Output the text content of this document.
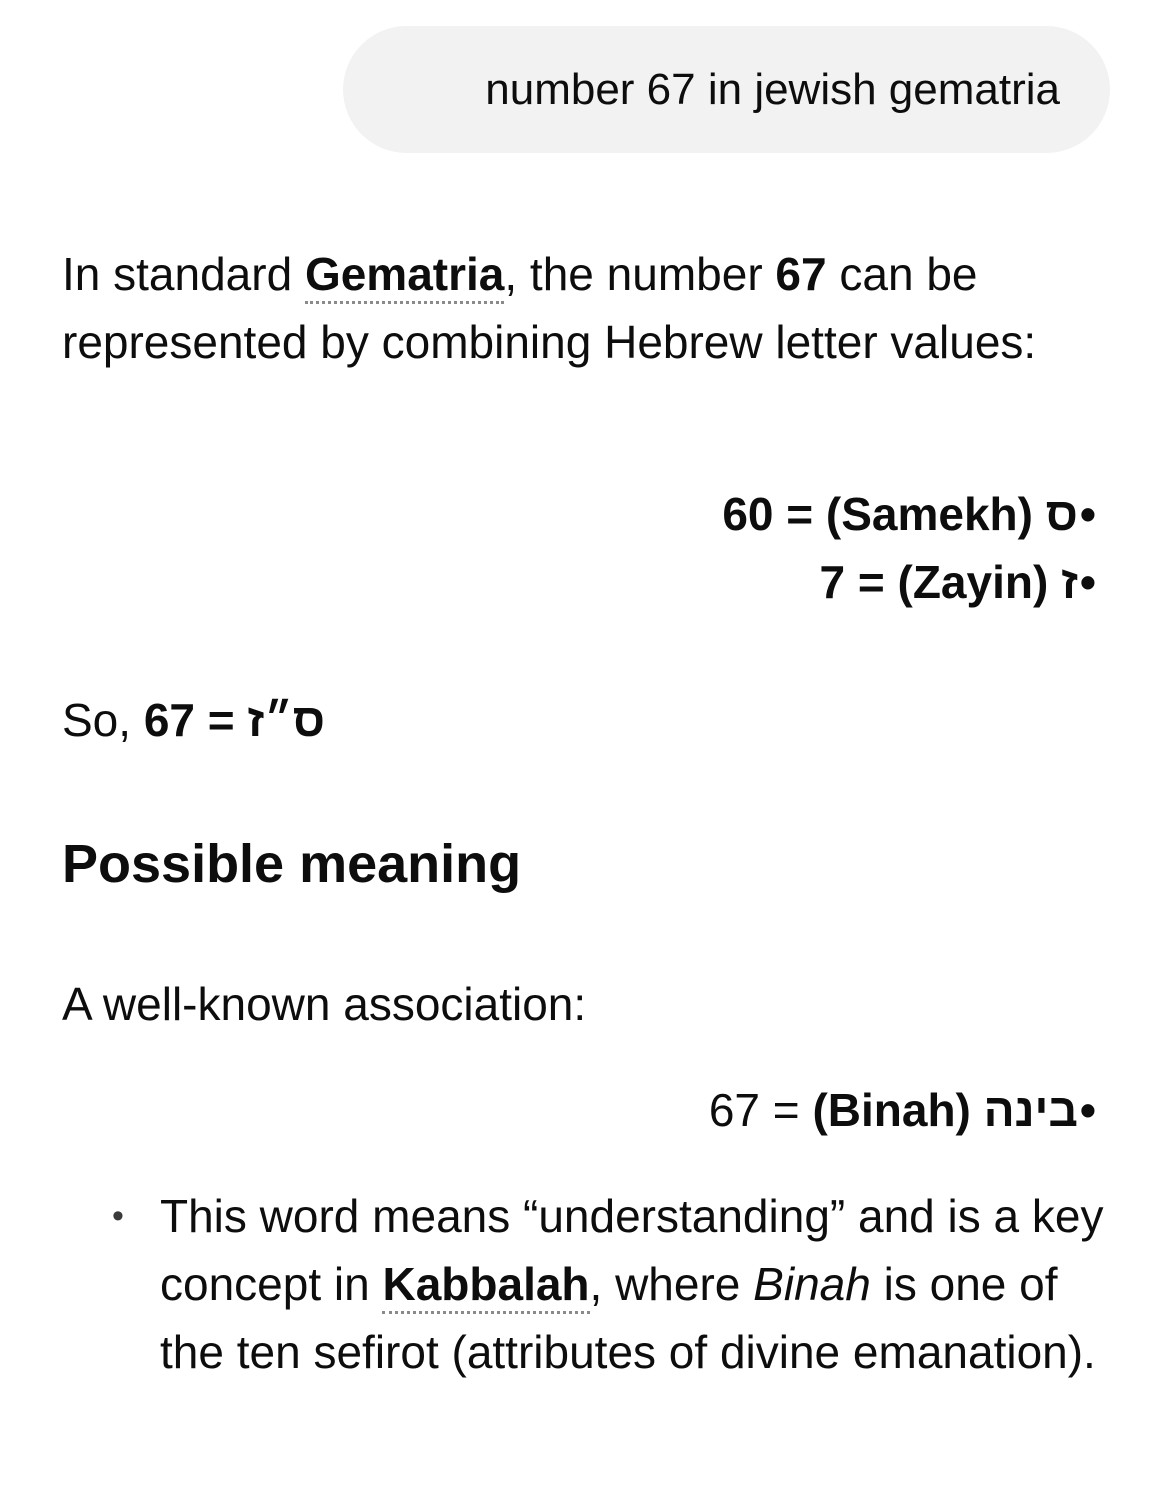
number 67 in jewish gematria

In standard Gematria, the number 67 can be represented by combining Hebrew letter values:

60 = (Samekh) ס•
7 = (Zayin) ז•

So, 67 = ס״ז

Possible meaning

A well-known association:

67 = (Binah) בינה•
• This word means “understanding” and is a key concept in Kabbalah, where Binah is one of the ten sefirot (attributes of divine emanation).
